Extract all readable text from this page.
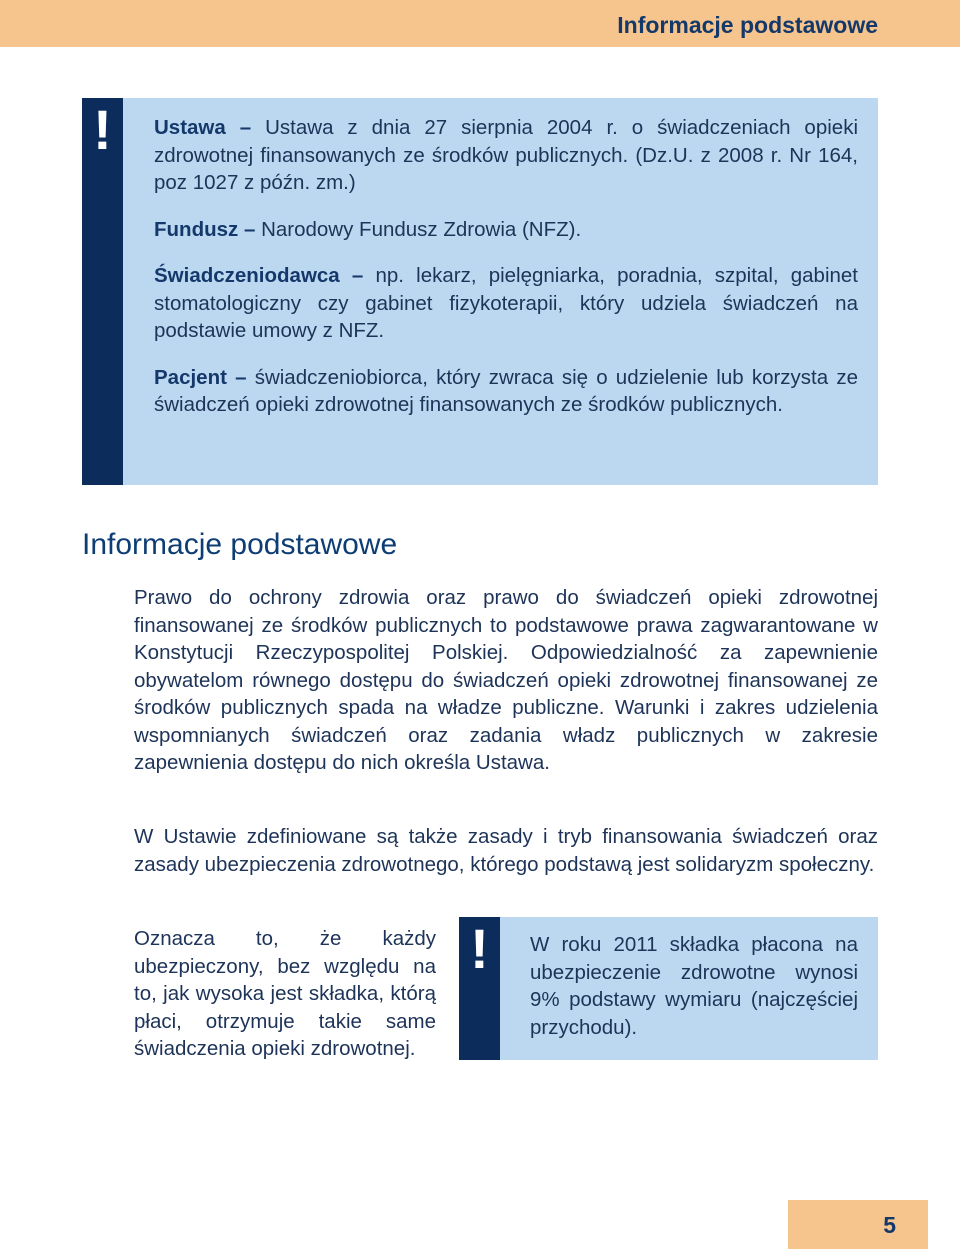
Informacje podstawowe
!	Ustawa – Ustawa z dnia 27 sierpnia 2004 r. o świadczeniach opieki zdrowotnej finansowanych ze środków publicznych. (Dz.U. z 2008 r. Nr 164, poz 1027 z późn. zm.)

Fundusz – Narodowy Fundusz Zdrowia (NFZ).

Świadczeniodawca – np. lekarz, pielęgniarka, poradnia, szpital, gabinet stomatologiczny czy gabinet fizykoterapii, który udziela świadczeń na podstawie umowy z NFZ.

Pacjent – świadczeniobiorca, który zwraca się o udzielenie lub korzysta ze świadczeń opieki zdrowotnej finansowanych ze środków publicznych.

Informacje podstawowe

Prawo do ochrony zdrowia oraz prawo do świadczeń opieki zdrowotnej finansowanej ze środków publicznych to podstawowe prawa zagwarantowane w Konstytucji Rzeczypospolitej Polskiej. Odpowiedzialność za zapewnienie obywatelom równego dostępu do świadczeń opieki zdrowotnej finansowanej ze środków publicznych spada na władze publiczne. Warunki i zakres udzielenia wspomnianych świadczeń oraz zadania władz publicznych w zakresie zapewnienia dostępu do nich określa Ustawa.

W Ustawie zdefiniowane są także zasady i tryb finansowania świadczeń oraz zasady ubezpieczenia zdrowotnego, którego podstawą jest solidaryzm społeczny.

Oznacza to, że każdy ubezpieczony, bez względu na to, jak wysoka jest składka, którą płaci, otrzymuje takie same świadczenia opieki zdrowotnej.

!	W roku 2011 składka płacona na ubezpieczenie zdrowotne wynosi 9% podstawy wymiaru (najczęściej przychodu).

5
